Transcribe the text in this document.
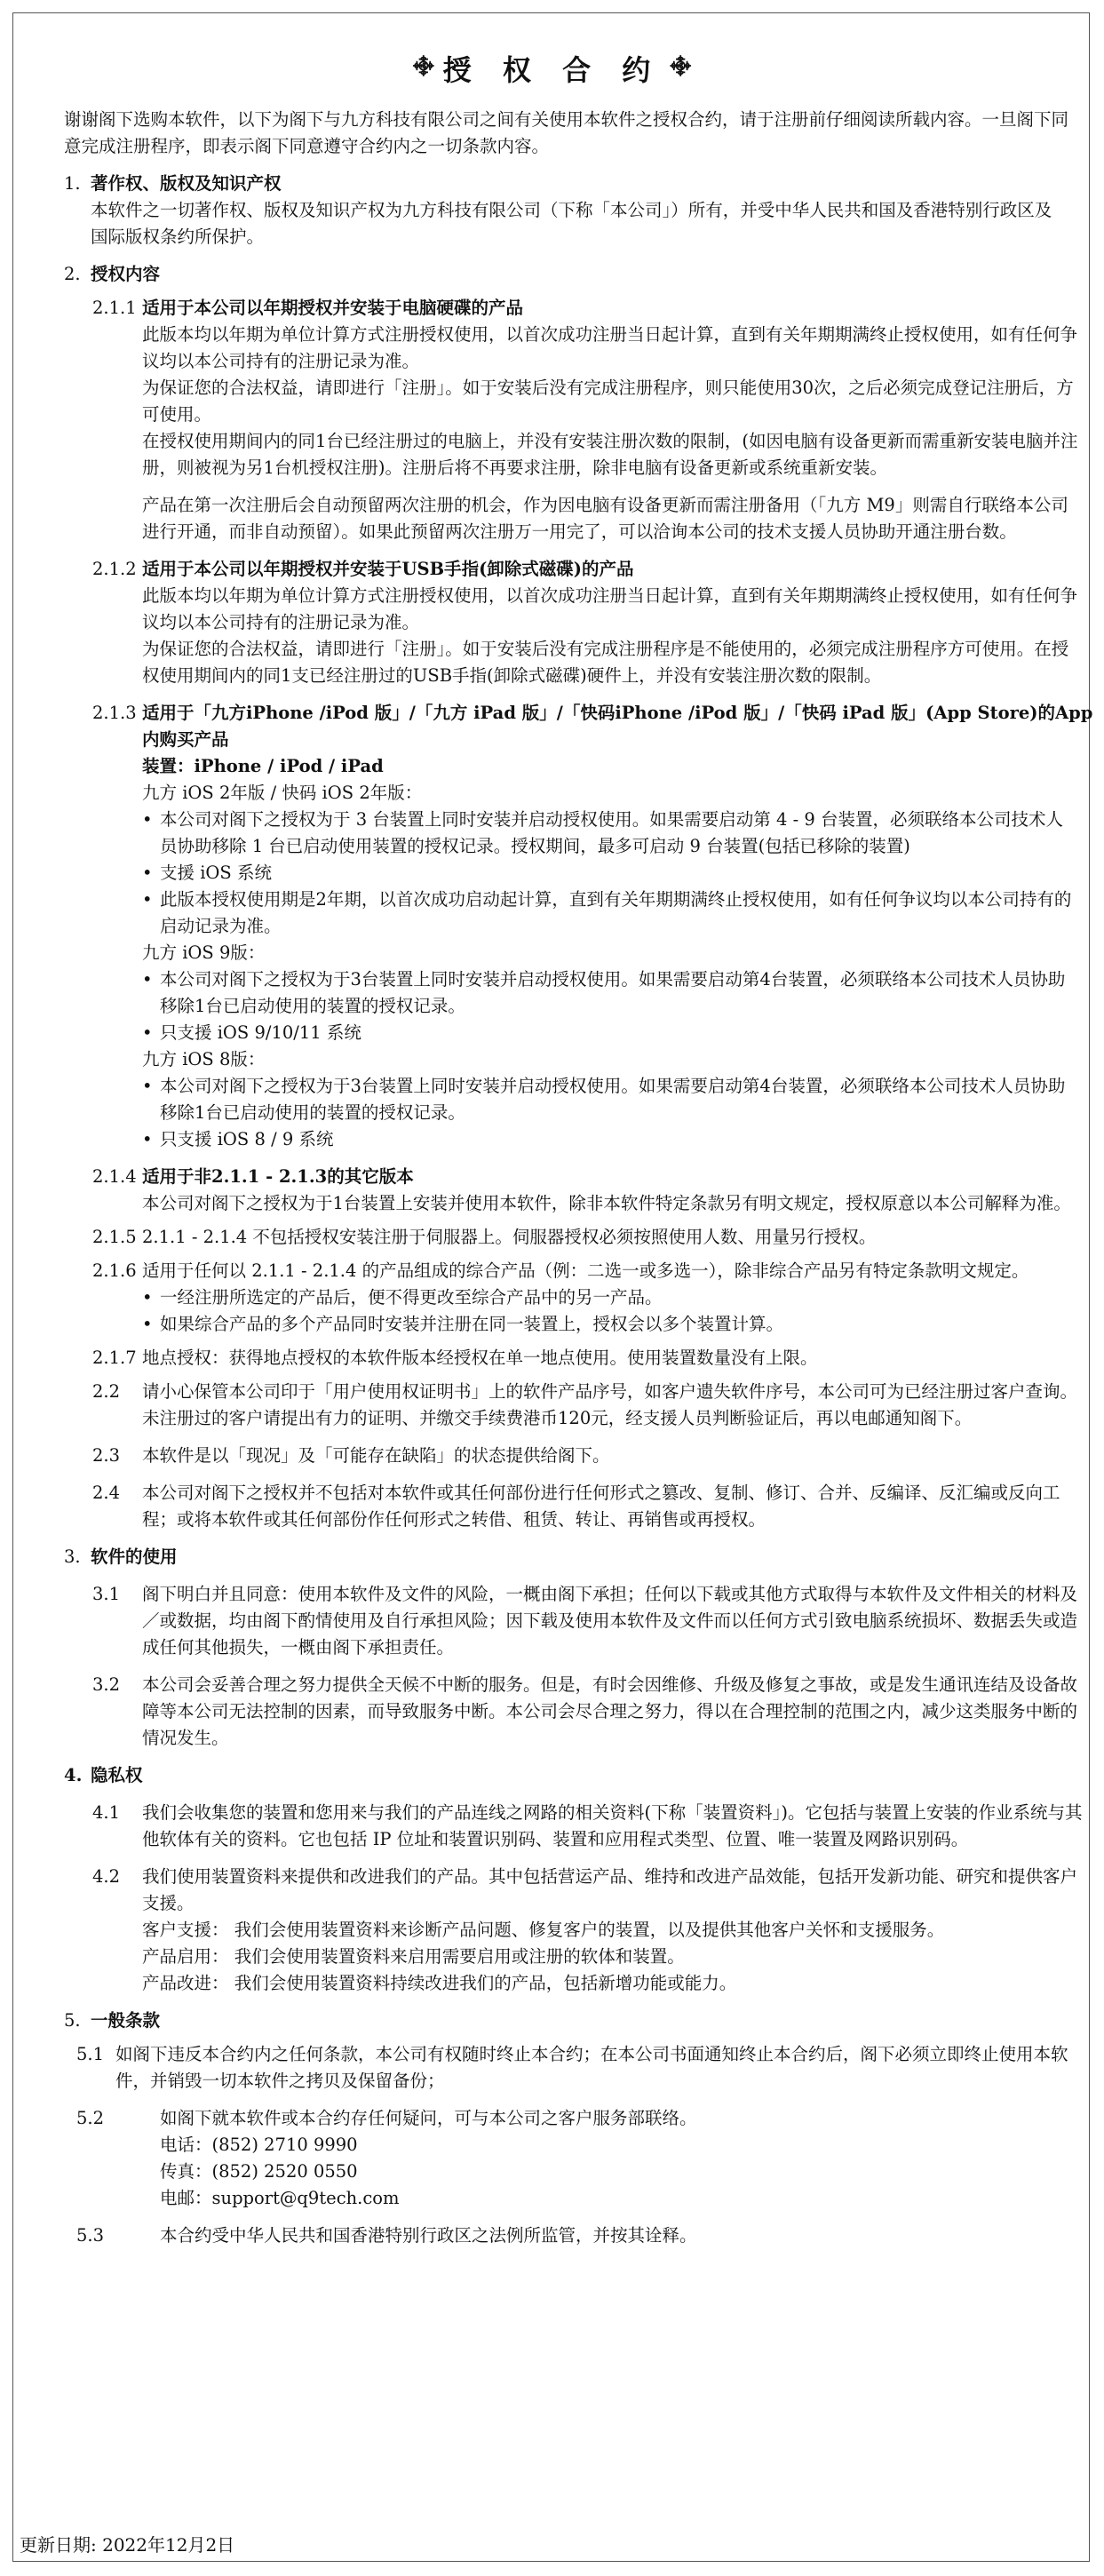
࿇ 授 权 合 约 ࿇
谢谢阁下选购本软件，以下为阁下与九方科技有限公司之间有关使用本软件之授权合约，请于注册前仔细阅读所载内容。一旦阁下同意完成注册程序，即表示阁下同意遵守合约内之一切条款内容。
1. 著作权、版权及知识产权
本软件之一切著作权、版权及知识产权为九方科技有限公司（下称「本公司」）所有，并受中华人民共和国及香港特别行政区及国际版权条约所保护。
2. 授权内容
2.1.1 适用于本公司以年期授权并安装于电脑硬碟的产品
此版本均以年期为单位计算方式注册授权使用，以首次成功注册当日起计算，直到有关年期期满终止授权使用，如有任何争议均以本公司持有的注册记录为准。
为保证您的合法权益，请即进行「注册」。如于安装后没有完成注册程序，则只能使用30次，之后必须完成登记注册后，方可使用。
在授权使用期间内的同1台已经注册过的电脑上，并没有安装注册次数的限制，(如因电脑有设备更新而需重新安装电脑并注册，则被视为另1台机授权注册)。注册后将不再要求注册，除非电脑有设备更新或系统重新安装。
产品在第一次注册后会自动预留两次注册的机会，作为因电脑有设备更新而需注册备用（「九方 M9」则需自行联络本公司进行开通，而非自动预留）。如果此预留两次注册万一用完了，可以洽询本公司的技术支援人员协助开通注册台数。
2.1.2 适用于本公司以年期授权并安装于USB手指(卸除式磁碟)的产品
此版本均以年期为单位计算方式注册授权使用，以首次成功注册当日起计算，直到有关年期期满终止授权使用，如有任何争议均以本公司持有的注册记录为准。
为保证您的合法权益，请即进行「注册」。如于安装后没有完成注册程序是不能使用的，必须完成注册程序方可使用。在授权使用期间内的同1支已经注册过的USB手指(卸除式磁碟)硬件上，并没有安装注册次数的限制。
2.1.3 适用于「九方iPhone /iPod 版」/「九方 iPad 版」/「快码iPhone /iPod 版」/「快码 iPad 版」(App Store)的App 内购买产品
装置：iPhone / iPod / iPad
九方 iOS 2年版 / 快码 iOS 2年版：
• 本公司对阁下之授权为于 3 台装置上同时安装并启动授权使用。如果需要启动第 4 - 9 台装置，必须联络本公司技术人员协助移除 1 台已启动使用装置的授权记录。授权期间，最多可启动 9 台装置(包括已移除的装置)
• 支援 iOS 系统
• 此版本授权使用期是2年期，以首次成功启动起计算，直到有关年期期满终止授权使用，如有任何争议均以本公司持有的启动记录为准。
九方 iOS 9版：
• 本公司对阁下之授权为于3台装置上同时安装并启动授权使用。如果需要启动第4台装置，必须联络本公司技术人员协助移除1台已启动使用的装置的授权记录。
• 只支援 iOS 9/10/11 系统
九方 iOS 8版：
• 本公司对阁下之授权为于3台装置上同时安装并启动授权使用。如果需要启动第4台装置，必须联络本公司技术人员协助移除1台已启动使用的装置的授权记录。
• 只支援 iOS 8 / 9 系统
2.1.4 适用于非2.1.1 - 2.1.3的其它版本
本公司对阁下之授权为于1台装置上安装并使用本软件，除非本软件特定条款另有明文规定，授权原意以本公司解释为准。
2.1.5 2.1.1 - 2.1.4 不包括授权安装注册于伺服器上。伺服器授权必须按照使用人数、用量另行授权。
2.1.6 适用于任何以 2.1.1 - 2.1.4 的产品组成的综合产品（例：二选一或多选一），除非综合产品另有特定条款明文规定。
• 一经注册所选定的产品后，便不得更改至综合产品中的另一产品。
• 如果综合产品的多个产品同时安装并注册在同一装置上，授权会以多个装置计算。
2.1.7 地点授权：获得地点授权的本软件版本经授权在单一地点使用。使用装置数量没有上限。
2.2	请小心保管本公司印于「用户使用权证明书」上的软件产品序号，如客户遗失软件序号，本公司可为已经注册过客户查询。未注册过的客户请提出有力的证明、并缴交手续费港币120元，经支援人员判断验证后，再以电邮通知阁下。
2.3	本软件是以「现况」及「可能存在缺陷」的状态提供给阁下。
2.4	本公司对阁下之授权并不包括对本软件或其任何部份进行任何形式之篡改、复制、修订、合并、反编译、反汇编或反向工程；或将本软件或其任何部份作任何形式之转借、租赁、转让、再销售或再授权。
3. 软件的使用
3.1	阁下明白并且同意：使用本软件及文件的风险，一概由阁下承担；任何以下载或其他方式取得与本软件及文件相关的材料及／或数据，均由阁下酌情使用及自行承担风险；因下载及使用本软件及文件而以任何方式引致电脑系统损坏、数据丢失或造成任何其他损失，一概由阁下承担责任。
3.2	本公司会妥善合理之努力提供全天候不中断的服务。但是，有时会因维修、升级及修复之事故，或是发生通讯连结及设备故障等本公司无法控制的因素，而导致服务中断。本公司会尽合理之努力，得以在合理控制的范围之内，减少这类服务中断的情况发生。
4. 隐私权
4.1	我们会收集您的装置和您用来与我们的产品连线之网路的相关资料(下称「装置资料」)。它包括与装置上安装的作业系统与其他软体有关的资料。它也包括 IP 位址和装置识别码、装置和应用程式类型、位置、唯一装置及网路识别码。
4.2	我们使用装置资料来提供和改进我们的产品。其中包括营运产品、维持和改进产品效能，包括开发新功能、研究和提供客户支援。
客户支援： 我们会使用装置资料来诊断产品问题、修复客户的装置，以及提供其他客户关怀和支援服务。
产品启用： 我们会使用装置资料来启用需要启用或注册的软体和装置。
产品改进： 我们会使用装置资料持续改进我们的产品，包括新增功能或能力。
5. 一般条款
5.1 如阁下违反本合约内之任何条款，本公司有权随时终止本合约；在本公司书面通知终止本合约后，阁下必须立即终止使用本软件，并销毁一切本软件之拷贝及保留备份；
5.2	如阁下就本软件或本合约存任何疑问，可与本公司之客户服务部联络。
电话：(852) 2710 9990
传真：(852) 2520 0550
电邮：support@q9tech.com
5.3	本合约受中华人民共和国香港特别行政区之法例所监管，并按其诠释。
更新日期: 2022年12月2日
